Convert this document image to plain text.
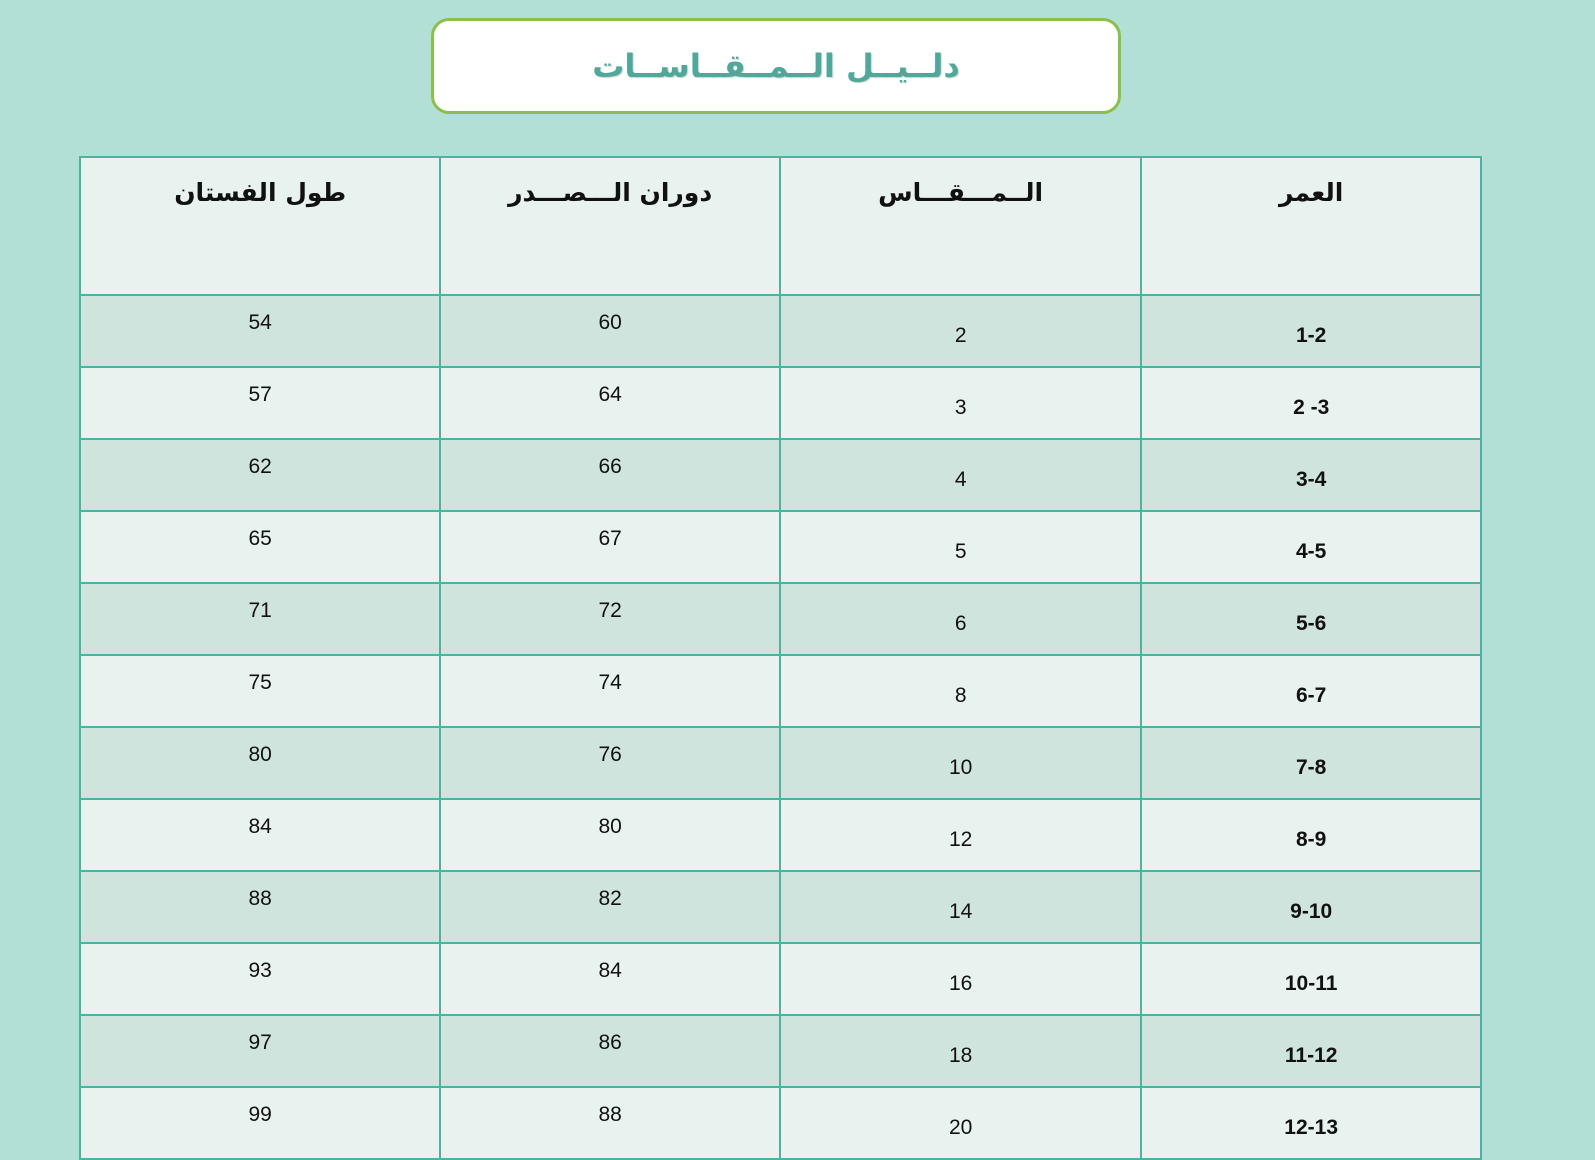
دلــيــل الــمــقــاســات
العمر	الــمـــقـــاس	دوران الـــصـــدر	طول الفستان
1-2	2	60	54
2 -3	3	64	57
3-4	4	66	62
4-5	5	67	65
5-6	6	72	71
6-7	8	74	75
7-8	10	76	80
8-9	12	80	84
9-10	14	82	88
10-11	16	84	93
11-12	18	86	97
12-13	20	88	99
